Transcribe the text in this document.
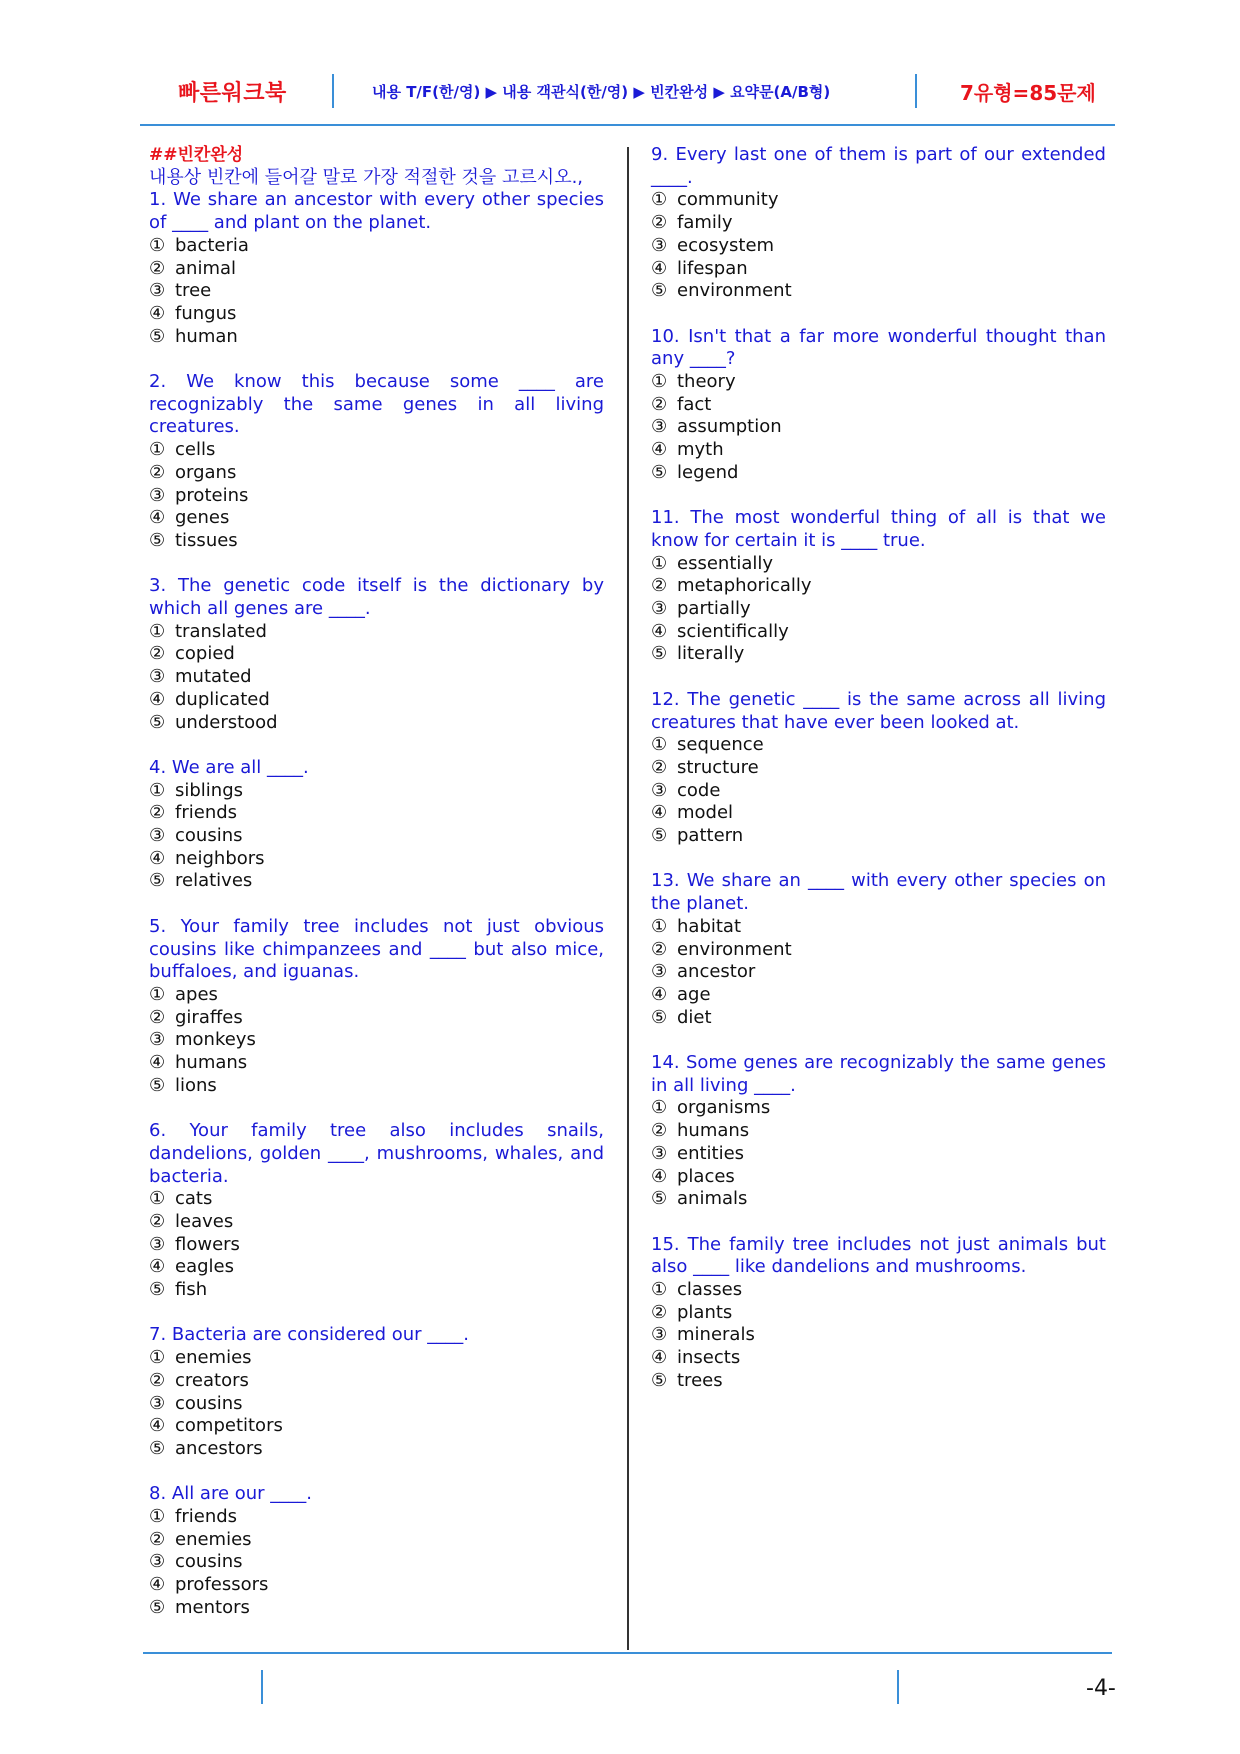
빠른워크북	내용 T/F(한/영) ▶ 내용 객관식(한/영) ▶ 빈칸완성 ▶ 요약문(A/B형)	7유형=85문제
##빈칸완성
내용상 빈칸에 들어갈 말로 가장 적절한 것을 고르시오.,
1. We share an ancestor with every other species of ____ and plant on the planet.
① bacteria
② animal
③ tree
④ fungus
⑤ human
2. We know this because some ____ are recognizably the same genes in all living creatures.
① cells
② organs
③ proteins
④ genes
⑤ tissues
3. The genetic code itself is the dictionary by which all genes are ____.
① translated
② copied
③ mutated
④ duplicated
⑤ understood
4. We are all ____.
① siblings
② friends
③ cousins
④ neighbors
⑤ relatives
5. Your family tree includes not just obvious cousins like chimpanzees and ____ but also mice, buffaloes, and iguanas.
① apes
② giraffes
③ monkeys
④ humans
⑤ lions
6. Your family tree also includes snails, dandelions, golden ____, mushrooms, whales, and bacteria.
① cats
② leaves
③ flowers
④ eagles
⑤ fish
7. Bacteria are considered our ____.
① enemies
② creators
③ cousins
④ competitors
⑤ ancestors
8. All are our ____.
① friends
② enemies
③ cousins
④ professors
⑤ mentors
9. Every last one of them is part of our extended ____.
① community
② family
③ ecosystem
④ lifespan
⑤ environment
10. Isn't that a far more wonderful thought than any ____?
① theory
② fact
③ assumption
④ myth
⑤ legend
11. The most wonderful thing of all is that we know for certain it is ____ true.
① essentially
② metaphorically
③ partially
④ scientifically
⑤ literally
12. The genetic ____ is the same across all living creatures that have ever been looked at.
① sequence
② structure
③ code
④ model
⑤ pattern
13. We share an ____ with every other species on the planet.
① habitat
② environment
③ ancestor
④ age
⑤ diet
14. Some genes are recognizably the same genes in all living ____.
① organisms
② humans
③ entities
④ places
⑤ animals
15. The family tree includes not just animals but also ____ like dandelions and mushrooms.
① classes
② plants
③ minerals
④ insects
⑤ trees
-4-
